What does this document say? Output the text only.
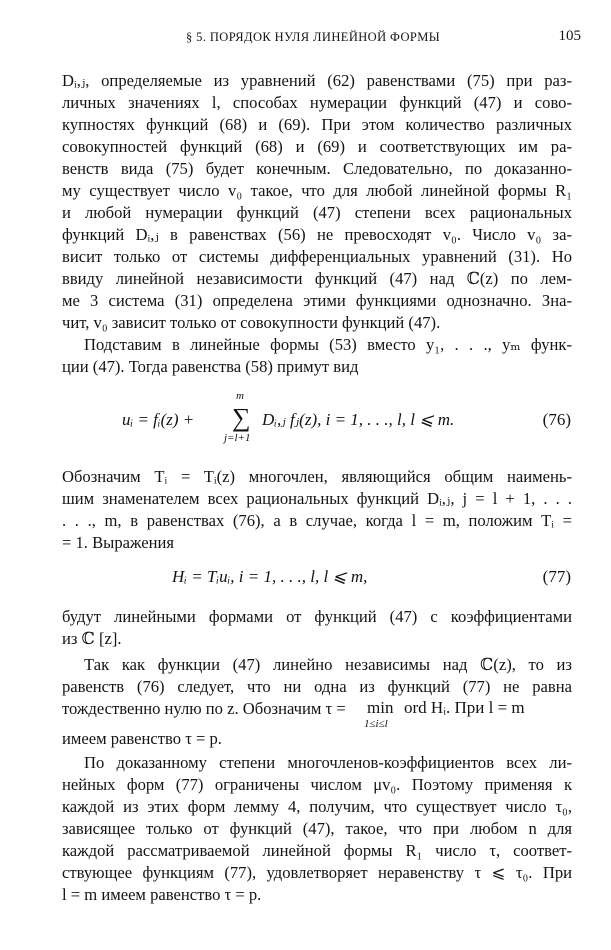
§ 5. ПОРЯДОК НУЛЯ ЛИНЕЙНОЙ ФОРМЫ	105
Dᵢ,ⱼ, определяемые из уравнений (62) равенствами (75) при раз-
личных значениях l, способах нумерации функций (47) и сово-
купностях функций (68) и (69). При этом количество различных
совокупностей функций (68) и (69) и соответствующих им ра-
венств вида (75) будет конечным. Следовательно, по доказанно-
му существует число v₀ такое, что для любой линейной формы R₁
и любой нумерации функций (47) степени всех рациональных
функций Dᵢ,ⱼ в равенствах (56) не превосходят v₀. Число v₀ за-
висит только от системы дифференциальных уравнений (31). Но
ввиду линейной независимости функций (47) над ℂ(z) по лем-
ме 3 система (31) определена этими функциями однозначно. Зна-
чит, v₀ зависит только от совокупности функций (47).
Подставим в линейные формы (53) вместо y₁, . . ., yₘ функ-
ции (47). Тогда равенства (58) примут вид
uᵢ = fᵢ(z) +
m
∑
j=l+1
Dᵢ,ⱼ fⱼ(z), i = 1, . . ., l, l ⩽ m.	(76)
Обозначим Tᵢ = Tᵢ(z) многочлен, являющийся общим наимень-
шим знаменателем всех рациональных функций Dᵢ,ⱼ, j = l + 1, . . .
. . ., m, в равенствах (76), а в случае, когда l = m, положим Tᵢ =
= 1. Выражения
Hᵢ = Tᵢuᵢ, i = 1, . . ., l, l ⩽ m,	(77)
будут линейными формами от функций (47) с коэффициентами
из ℂ [z].
Так как функции (47) линейно независимы над ℂ(z), то из
равенств (76) следует, что ни одна из функций (77) не равна
тождественно нулю по z. Обозначим τ = min
1≤i≤l
ord Hᵢ. При l = m
имеем равенство τ = p.
По доказанному степени многочленов-коэффициентов всех ли-
нейных форм (77) ограничены числом μv₀. Поэтому применяя к
каждой из этих форм лемму 4, получим, что существует число τ₀,
зависящее только от функций (47), такое, что при любом n для
каждой рассматриваемой линейной формы R₁ число τ, соответ-
ствующее функциям (77), удовлетворяет неравенству τ ⩽ τ₀. При
l = m имеем равенство τ = p.
